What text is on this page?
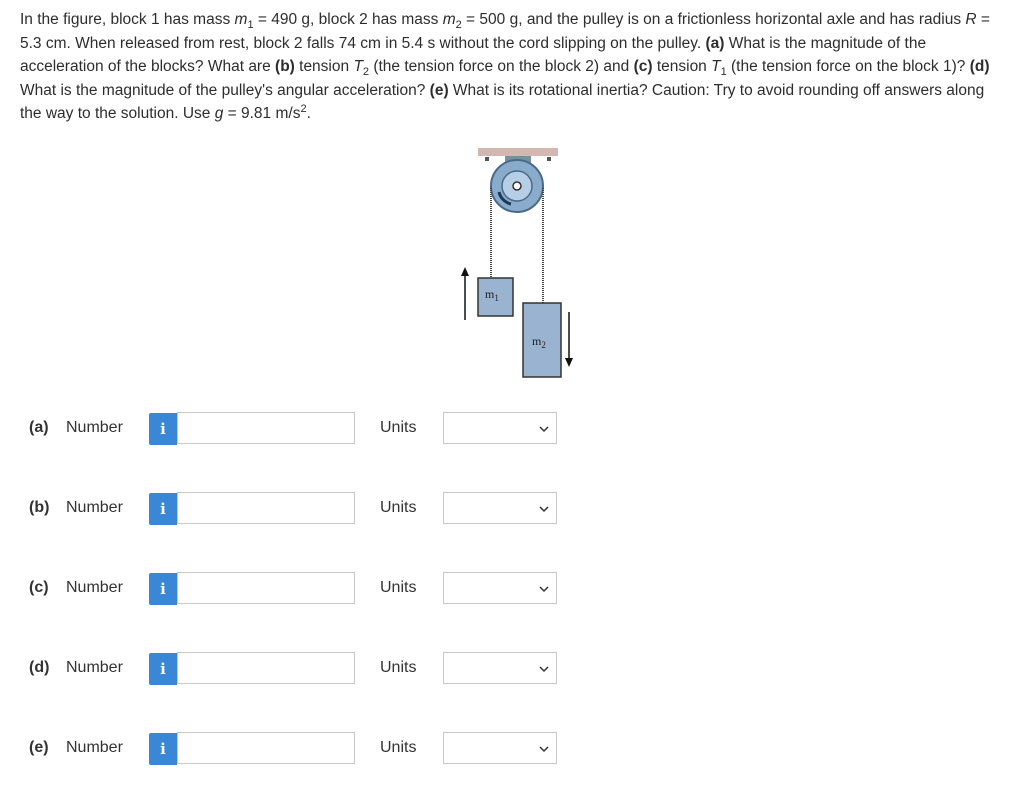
In the figure, block 1 has mass $m_1 = 490$ g, block 2 has mass $m_2 = 500$ g, and the pulley is on a frictionless horizontal axle and has radius R = 5.3 cm. When released from rest, block 2 falls 74 cm in 5.4 s without the cord slipping on the pulley. (a) What is the magnitude of the acceleration of the blocks? What are (b) tension $T_2$ (the tension force on the block 2) and (c) tension $T_1$ (the tension force on the block 1)? (d) What is the magnitude of the pulley's angular acceleration? (e) What is its rotational inertia? Caution: Try to avoid rounding off answers along the way to the solution. Use g = 9.81 $m/s^2$.
$m_1$
$m_2$
(a) Number	i	Units
(b) Number	i	Units
(c) Number	i	Units
(d) Number	i	Units
(e) Number	i	Units
